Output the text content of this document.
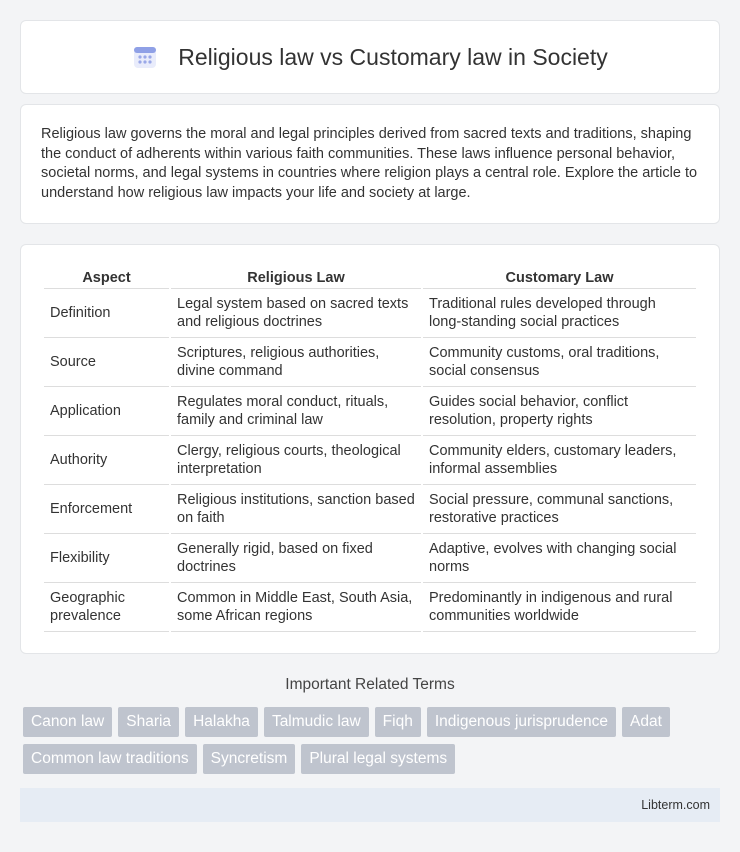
Religious law vs Customary law in Society

Religious law governs the moral and legal principles derived from sacred texts and traditions, shaping the conduct of adherents within various faith communities. These laws influence personal behavior, societal norms, and legal systems in countries where religion plays a central role. Explore the article to understand how religious law impacts your life and society at large.

Aspect	Religious Law	Customary Law
Definition	Legal system based on sacred texts and religious doctrines	Traditional rules developed through long-standing social practices
Source	Scriptures, religious authorities, divine command	Community customs, oral traditions, social consensus
Application	Regulates moral conduct, rituals, family and criminal law	Guides social behavior, conflict resolution, property rights
Authority	Clergy, religious courts, theological interpretation	Community elders, customary leaders, informal assemblies
Enforcement	Religious institutions, sanction based on faith	Social pressure, communal sanctions, restorative practices
Flexibility	Generally rigid, based on fixed doctrines	Adaptive, evolves with changing social norms
Geographic prevalence	Common in Middle East, South Asia, some African regions	Predominantly in indigenous and rural communities worldwide
Important Related Terms
Canon law	Sharia	Halakha	Talmudic law	Fiqh	Indigenous jurisprudence	Adat
Common law traditions	Syncretism	Plural legal systems
Libterm.com
